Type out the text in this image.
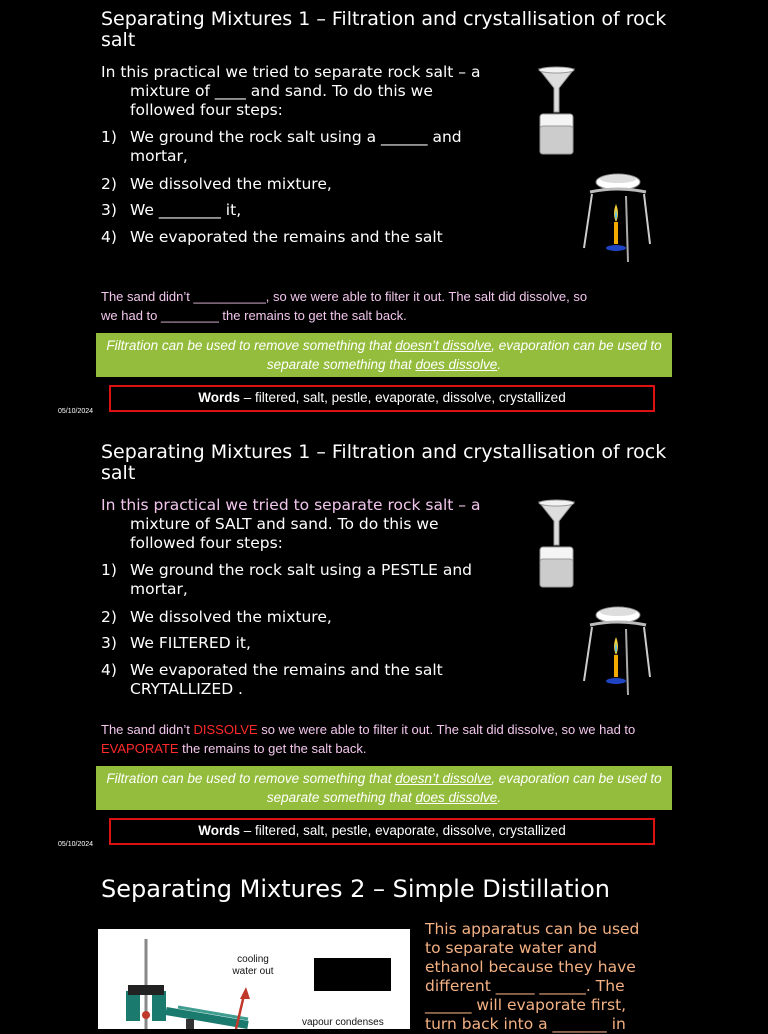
Separating Mixtures 1 – Filtration and crystallisation of rock salt
In this practical we tried to separate rock salt – a
mixture of ____ and sand. To do this we
followed four steps:
1) We ground the rock salt using a ______ and mortar,
2) We dissolved the mixture,
3) We ________ it,
4) We evaporated the remains and the salt
The sand didn’t __________, so we were able to filter it out. The salt did dissolve, so
we had to ________ the remains to get the salt back.
Filtration can be used to remove something that doesn’t dissolve, evaporation can be used to separate something that does dissolve.
Words – filtered, salt, pestle, evaporate, dissolve, crystallized
05/10/2024
Separating Mixtures 1 – Filtration and crystallisation of rock salt
In this practical we tried to separate rock salt – a
mixture of SALT and sand. To do this we
followed four steps:
1) We ground the rock salt using a PESTLE and mortar,
2) We dissolved the mixture,
3) We FILTERED it,
4) We evaporated the remains and the salt CRYTALLIZED .
The sand didn’t DISSOLVE so we were able to filter it out. The salt did dissolve, so we had to EVAPORATE the remains to get the salt back.
Filtration can be used to remove something that doesn’t dissolve, evaporation can be used to separate something that does dissolve.
Words – filtered, salt, pestle, evaporate, dissolve, crystallized
05/10/2024
Separating Mixtures 2 – Simple Distillation
cooling
water out
vapour condenses
This apparatus can be used
to separate water and
ethanol because they have
different _____ ______. The
______ will evaporate first,
turn back into a _______ in
